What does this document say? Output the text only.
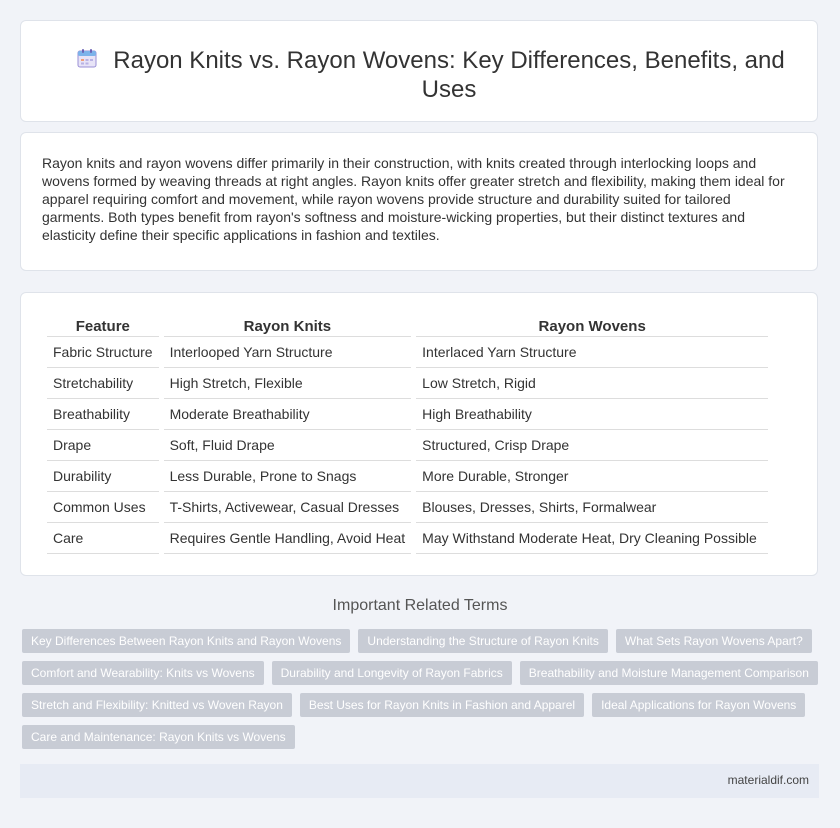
Rayon Knits vs. Rayon Wovens: Key Differences, Benefits, and Uses

Rayon knits and rayon wovens differ primarily in their construction, with knits created through interlocking loops and wovens formed by weaving threads at right angles. Rayon knits offer greater stretch and flexibility, making them ideal for apparel requiring comfort and movement, while rayon wovens provide structure and durability suited for tailored garments. Both types benefit from rayon's softness and moisture-wicking properties, but their distinct textures and elasticity define their specific applications in fashion and textiles.

Feature	Rayon Knits	Rayon Wovens
Fabric Structure	Interlooped Yarn Structure	Interlaced Yarn Structure
Stretchability	High Stretch, Flexible	Low Stretch, Rigid
Breathability	Moderate Breathability	High Breathability
Drape	Soft, Fluid Drape	Structured, Crisp Drape
Durability	Less Durable, Prone to Snags	More Durable, Stronger
Common Uses	T-Shirts, Activewear, Casual Dresses	Blouses, Dresses, Shirts, Formalwear
Care	Requires Gentle Handling, Avoid Heat	May Withstand Moderate Heat, Dry Cleaning Possible
Important Related Terms
Key Differences Between Rayon Knits and Rayon Wovens	Understanding the Structure of Rayon Knits	What Sets Rayon Wovens Apart?
Comfort and Wearability: Knits vs Wovens	Durability and Longevity of Rayon Fabrics	Breathability and Moisture Management Comparison
Stretch and Flexibility: Knitted vs Woven Rayon	Best Uses for Rayon Knits in Fashion and Apparel	Ideal Applications for Rayon Wovens
Care and Maintenance: Rayon Knits vs Wovens
materialdif.com
